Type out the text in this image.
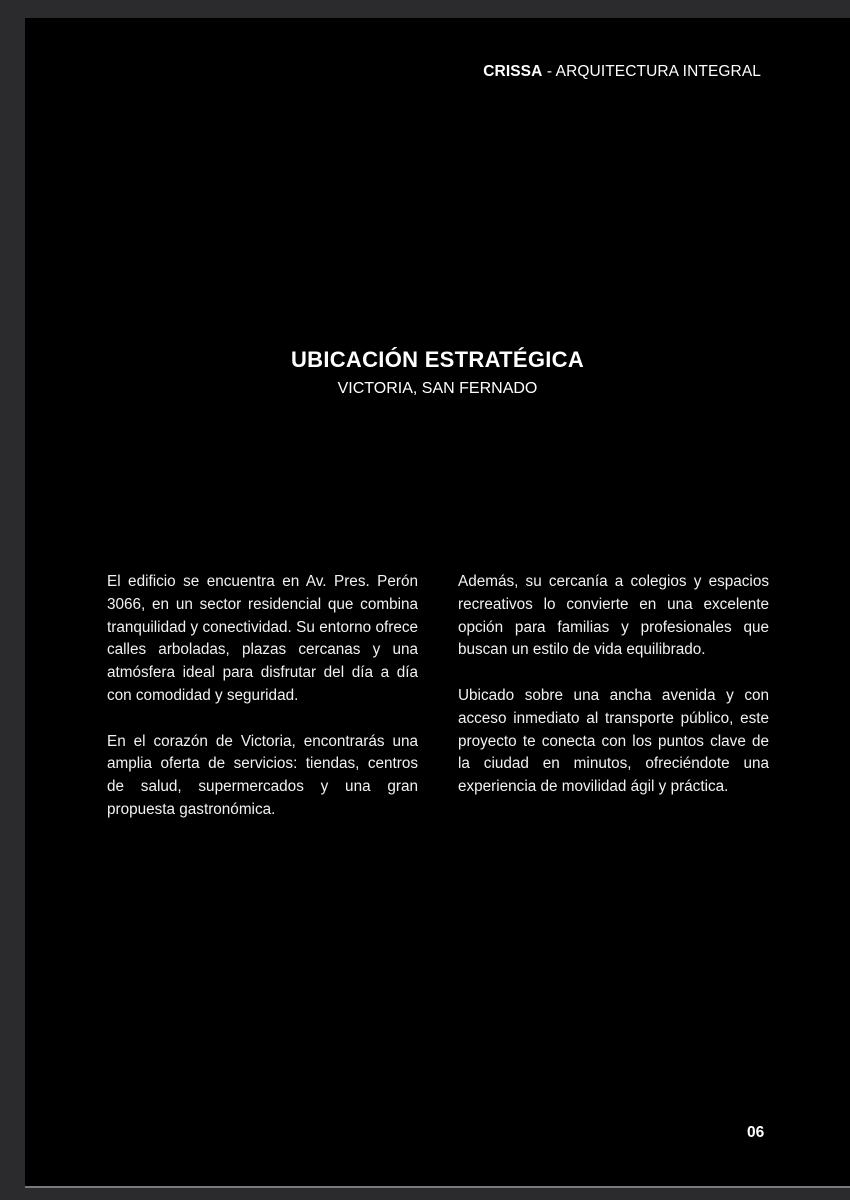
CRISSA - ARQUITECTURA INTEGRAL
UBICACIÓN ESTRATÉGICA
VICTORIA, SAN FERNADO

El edificio se encuentra en Av. Pres. Perón 3066, en un sector residencial que combina tranquilidad y conectividad. Su entorno ofrece calles arboladas, plazas cercanas y una atmósfera ideal para disfrutar del día a día con comodidad y seguridad.

En el corazón de Victoria, encontrarás una amplia oferta de servicios: tiendas, centros de salud, supermercados y una gran propuesta gastronómica.

Además, su cercanía a colegios y espacios recreativos lo convierte en una excelente opción para familias y profesionales que buscan un estilo de vida equilibrado.

Ubicado sobre una ancha avenida y con acceso inmediato al transporte público, este proyecto te conecta con los puntos clave de la ciudad en minutos, ofreciéndote una experiencia de movilidad ágil y práctica.

06
